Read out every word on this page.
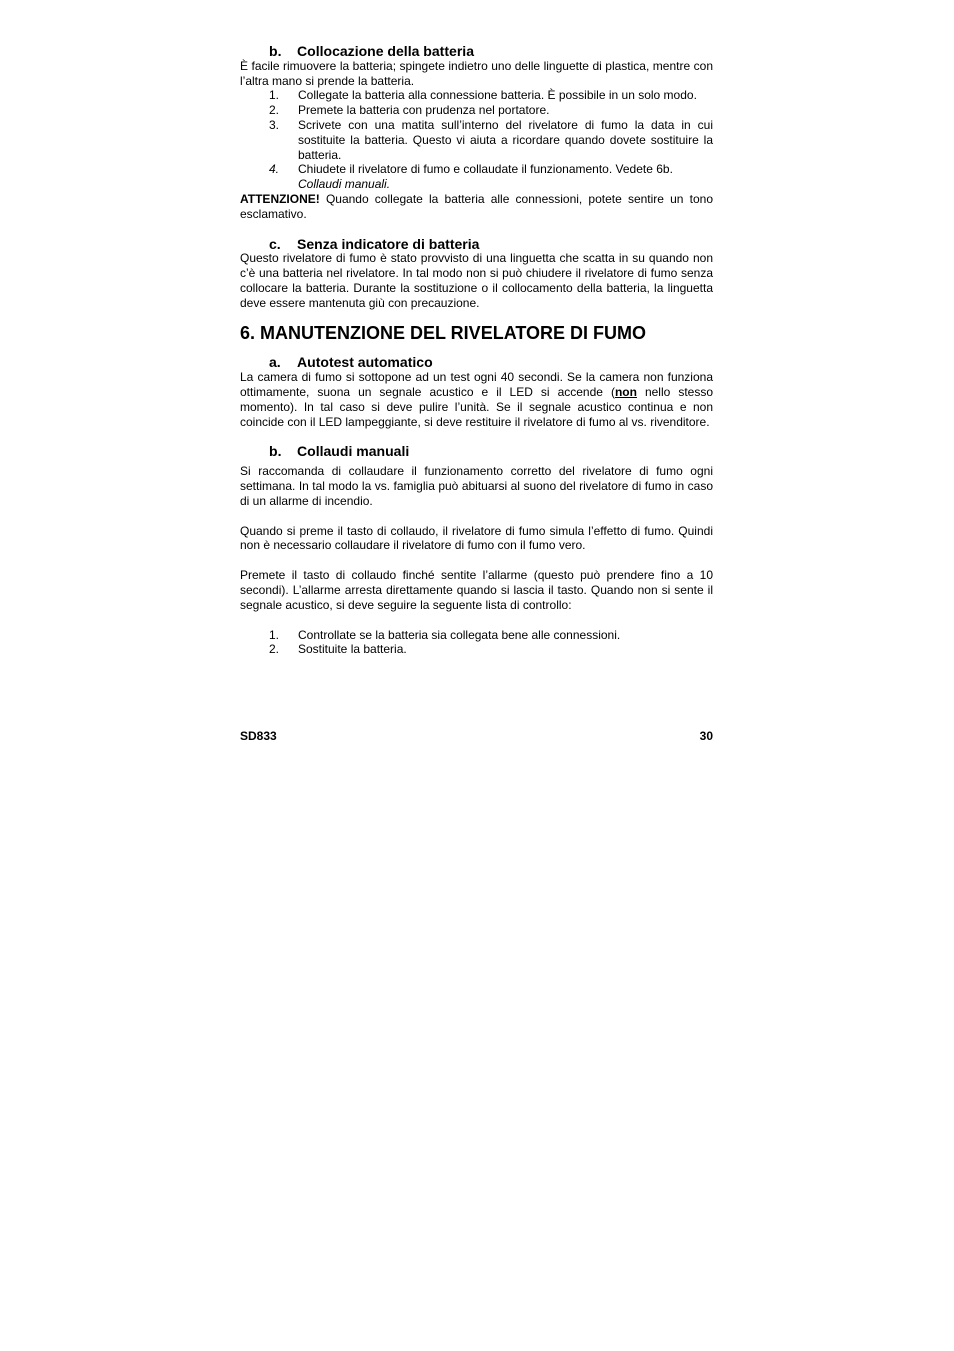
b. Collocazione della batteria

È facile rimuovere la batteria; spingete indietro uno delle linguette di plastica, mentre con l’altra mano si prende la batteria.

1. Collegate la batteria alla connessione batteria. È possibile in un solo modo.
2. Premete la batteria con prudenza nel portatore.
3. Scrivete con una matita sull’interno del rivelatore di fumo la data in cui sostituite la batteria. Questo vi aiuta a ricordare quando dovete sostituire la batteria.
4. Chiudete il rivelatore di fumo e collaudate il funzionamento. Vedete 6b.
Collaudi manuali.

ATTENZIONE! Quando collegate la batteria alle connessioni, potete sentire un tono esclamativo.

c. Senza indicatore di batteria

Questo rivelatore di fumo è stato provvisto di una linguetta che scatta in su quando non c’è una batteria nel rivelatore. In tal modo non si può chiudere il rivelatore di fumo senza collocare la batteria. Durante la sostituzione o il collocamento della batteria, la linguetta deve essere mantenuta giù con precauzione.

6. MANUTENZIONE DEL RIVELATORE DI FUMO
a. Autotest automatico

La camera di fumo si sottopone ad un test ogni 40 secondi. Se la camera non funziona ottimamente, suona un segnale acustico e il LED si accende (non nello stesso momento). In tal caso si deve pulire l’unità. Se il segnale acustico continua e non coincide con il LED lampeggiante, si deve restituire il rivelatore di fumo al vs. rivenditore.

b. Collaudi manuali

Si raccomanda di collaudare il funzionamento corretto del rivelatore di fumo ogni settimana. In tal modo la vs. famiglia può abituarsi al suono del rivelatore di fumo in caso di un allarme di incendio.

Quando si preme il tasto di collaudo, il rivelatore di fumo simula l’effetto di fumo. Quindi non è necessario collaudare il rivelatore di fumo con il fumo vero.

Premete il tasto di collaudo finché sentite l’allarme (questo può prendere fino a 10 secondi). L’allarme arresta direttamente quando si lascia il tasto. Quando non si sente il segnale acustico, si deve seguire la seguente lista di controllo:

1. Controllate se la batteria sia collegata bene alle connessioni.
2. Sostituite la batteria.
SD833	30
